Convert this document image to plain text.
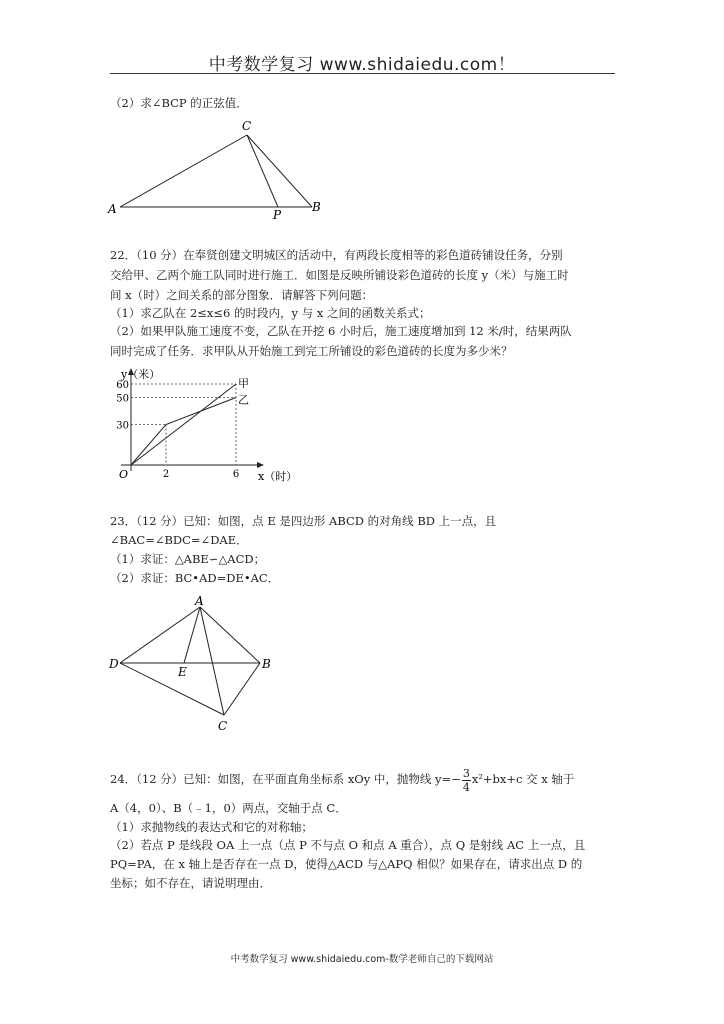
中考数学复习 www.shidaiedu.com！
（2）求∠BCP 的正弦值．
A
C
P
B
22．（10 分）在奉贤创建文明城区的活动中，有两段长度相等的彩色道砖铺设任务，分别
交给甲、乙两个施工队同时进行施工．如图是反映所铺设彩色道砖的长度 y（米）与施工时
间 x（时）之间关系的部分图象．请解答下列问题：
（1）求乙队在 2≤x≤6 的时段内，y 与 x 之间的函数关系式；
（2）如果甲队施工速度不变，乙队在开挖 6 小时后，施工速度增加到 12 米/时，结果两队
同时完成了任务．求甲队从开始施工到完工所铺设的彩色道砖的长度为多少米？
y（米）
x（时）
O
60
50
30
2	6
甲
乙
23．（12 分）已知：如图，点 E 是四边形 ABCD 的对角线 BD 上一点，且
∠BAC=∠BDC=∠DAE．
（1）求证：△ABE∽△ACD；
（2）求证：BC•AD=DE•AC．
A
D
E
B
C
24．（12 分）已知：如图，在平面直角坐标系 xOy 中，抛物线 $y=- \frac{3}{4} x^2+bx+c$ 交 x 轴于
A（4，0）、B（﹣1，0）两点，交轴于点 C．
（1）求抛物线的表达式和它的对称轴；
（2）若点 P 是线段 OA 上一点（点 P 不与点 O 和点 A 重合），点 Q 是射线 AC 上一点，且
PQ=PA，在 x 轴上是否存在一点 D，使得△ACD 与△APQ 相似？如果存在，请求出点 D 的
坐标；如不存在，请说明理由．
中考数学复习 www.shidaiedu.com-数学老师自己的下载网站
